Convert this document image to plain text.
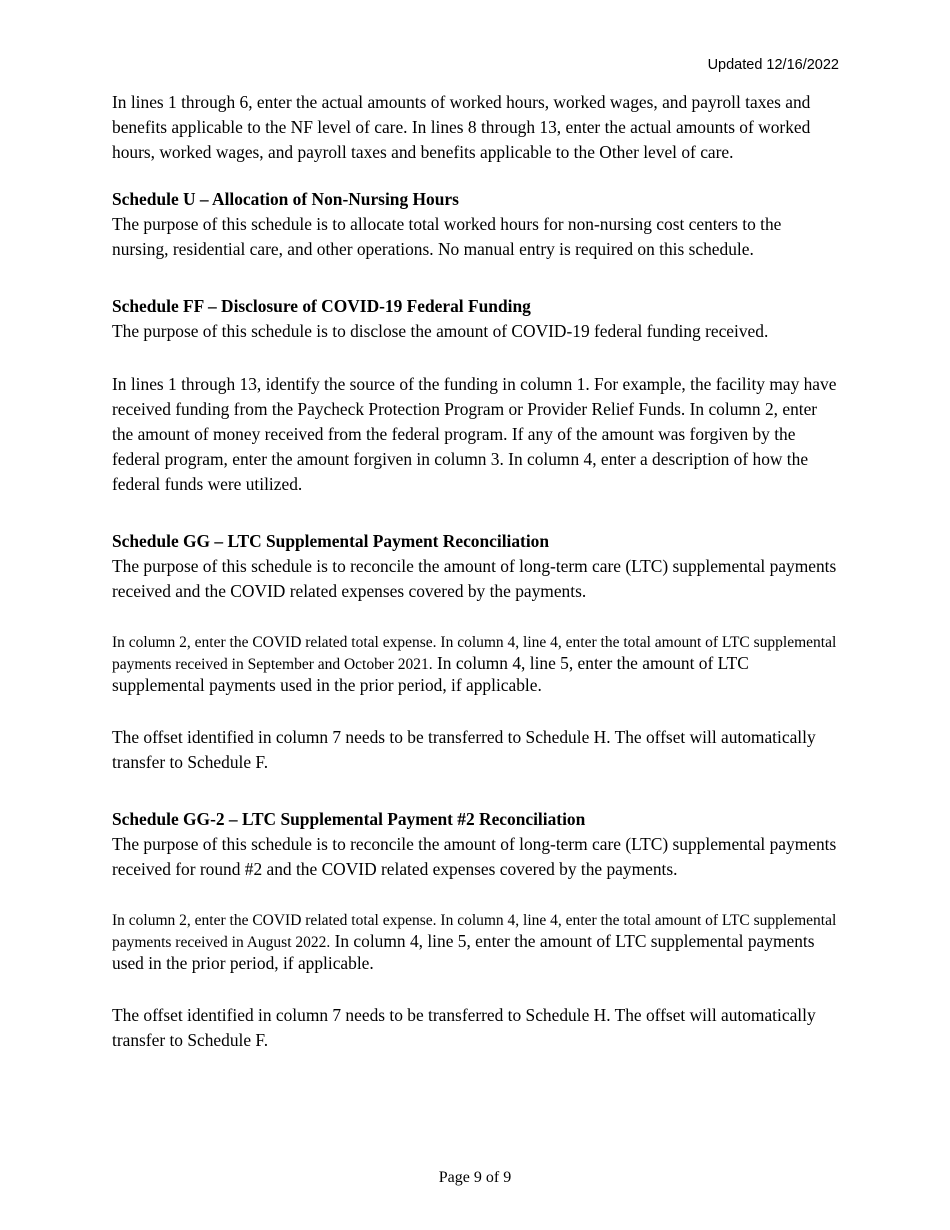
Updated 12/16/2022

In lines 1 through 6, enter the actual amounts of worked hours, worked wages, and payroll taxes and benefits applicable to the NF level of care. In lines 8 through 13, enter the actual amounts of worked hours, worked wages, and payroll taxes and benefits applicable to the Other level of care.

Schedule U – Allocation of Non-Nursing Hours

The purpose of this schedule is to allocate total worked hours for non-nursing cost centers to the nursing, residential care, and other operations. No manual entry is required on this schedule.

Schedule FF – Disclosure of COVID-19 Federal Funding

The purpose of this schedule is to disclose the amount of COVID-19 federal funding received.

In lines 1 through 13, identify the source of the funding in column 1. For example, the facility may have received funding from the Paycheck Protection Program or Provider Relief Funds. In column 2, enter the amount of money received from the federal program. If any of the amount was forgiven by the federal program, enter the amount forgiven in column 3. In column 4, enter a description of how the federal funds were utilized.

Schedule GG – LTC Supplemental Payment Reconciliation

The purpose of this schedule is to reconcile the amount of long-term care (LTC) supplemental payments received and the COVID related expenses covered by the payments.

In column 2, enter the COVID related total expense. In column 4, line 4, enter the total amount of LTC supplemental payments received in September and October 2021. In column 4, line 5, enter the amount of LTC supplemental payments used in the prior period, if applicable.

The offset identified in column 7 needs to be transferred to Schedule H. The offset will automatically transfer to Schedule F.

Schedule GG-2 – LTC Supplemental Payment #2 Reconciliation

The purpose of this schedule is to reconcile the amount of long-term care (LTC) supplemental payments received for round #2 and the COVID related expenses covered by the payments.

In column 2, enter the COVID related total expense. In column 4, line 4, enter the total amount of LTC supplemental payments received in August 2022. In column 4, line 5, enter the amount of LTC supplemental payments used in the prior period, if applicable.

The offset identified in column 7 needs to be transferred to Schedule H. The offset will automatically transfer to Schedule F.

Page 9 of 9
